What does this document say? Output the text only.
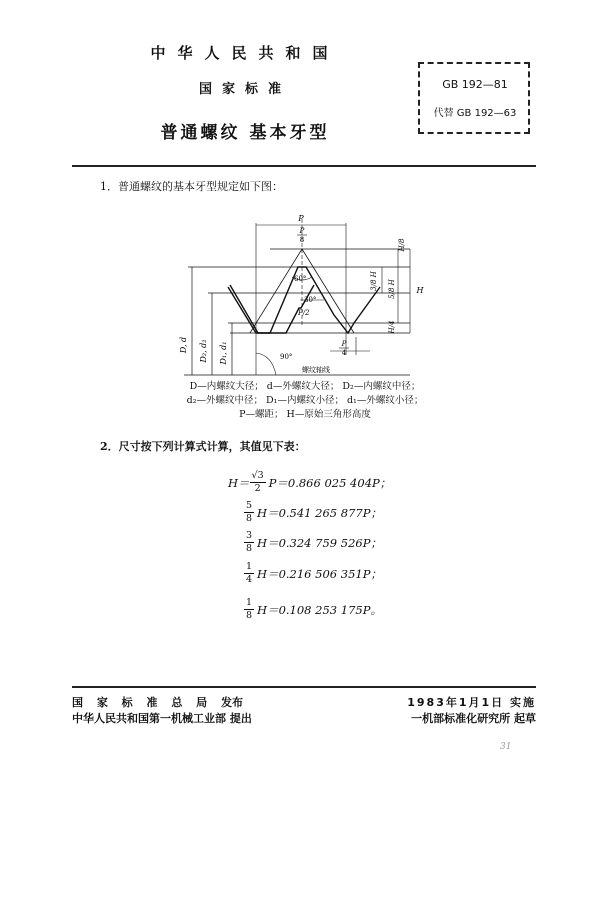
中华人民共和国
国家标准
普通螺纹 基本牙型
GB 192—81
代替 GB 192—63
1．普通螺纹的基本牙型规定如下图：
P
P
8
60°
30°
P/2
P
4
H/8
3/8 H 5/8 H
H/4
H
D, d D₂, d₂ D₁, d₁	90°
螺纹轴线
D—内螺纹大径； d—外螺纹大径； D₂—内螺纹中径；
d₂—外螺纹中径； D₁—内螺纹小径； d₁—外螺纹小径；
P—螺距； H—原始三角形高度
2．尺寸按下列计算式计算，其值见下表：
$H= \frac{√3}{2} P=0.866$ 025 404P；
$\frac{5}{8} H=0.541$ 265 877P；
$\frac{3}{8} H=0.324$ 759 526P；
$\frac{1}{4} H=0.216$ 506 351P；
$\frac{1}{8} H=0.108$ 253 175P。
国 家 标 准 总 局 发布	1983年1月1日 实施
中华人民共和国第一机械工业部 提出	一机部标准化研究所 起草
31
